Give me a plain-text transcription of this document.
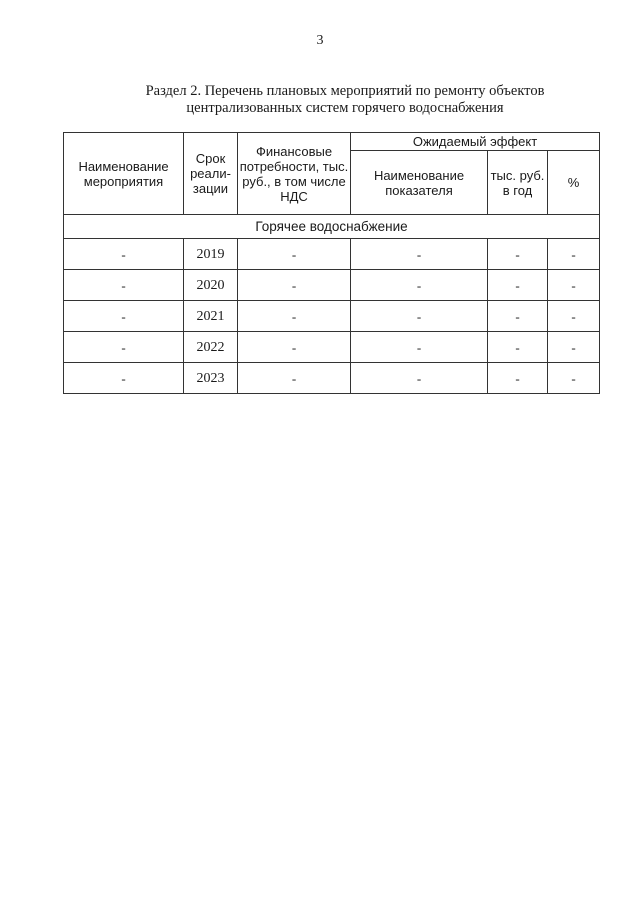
3
Раздел 2. Перечень плановых мероприятий по ремонту объектов
централизованных систем горячего водоснабжения
Наименование мероприятия	Срок реали-зации	Финансовые потребности, тыс. руб., в том числе НДС	Ожидаемый эффект		
			Наименование показателя	тыс. руб. в год	%
Горячее водоснабжение					
-	2019	-	-	-	-
-	2020	-	-	-	-
-	2021	-	-	-	-
-	2022	-	-	-	-
-	2023	-	-	-	-
